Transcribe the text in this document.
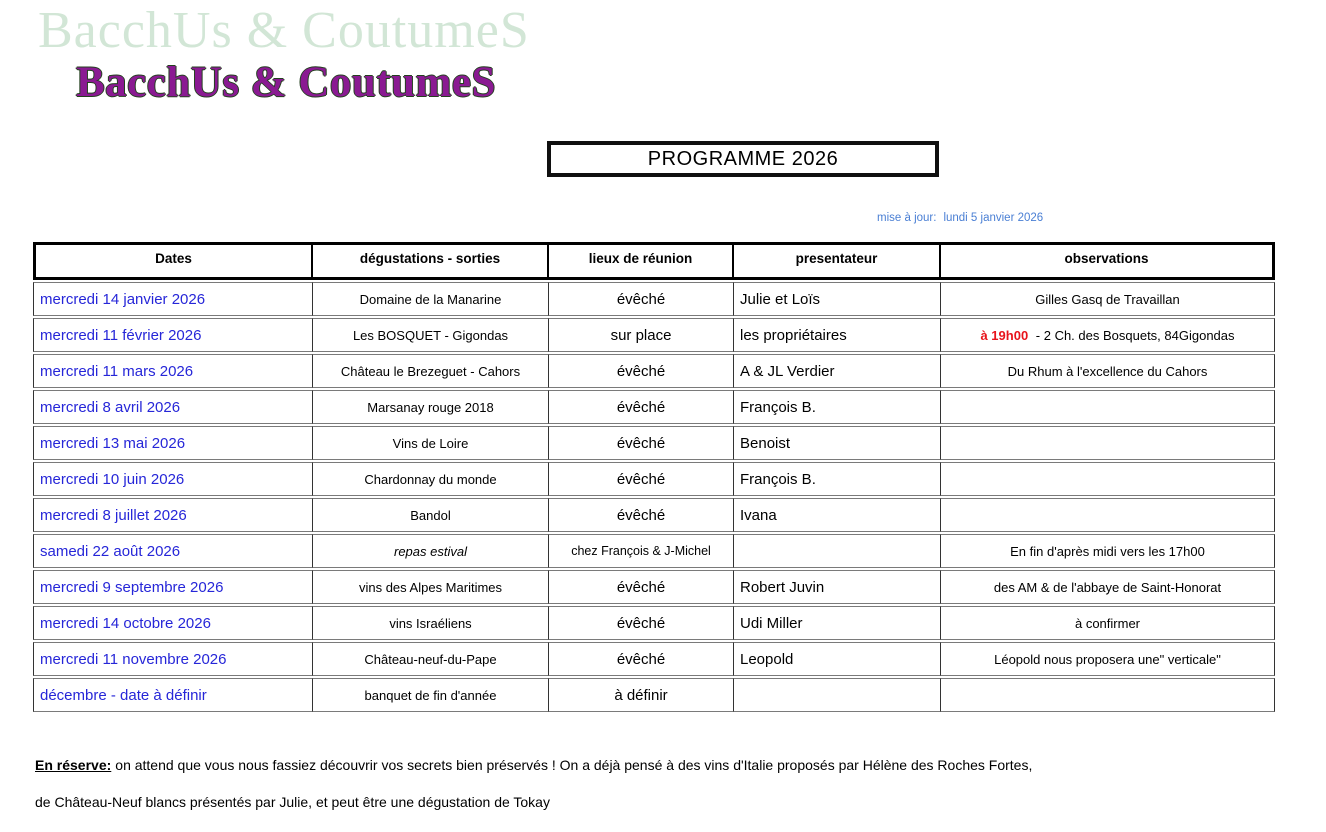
BacchUs & CoutumeS
BacchUs & CoutumeS
PROGRAMME 2026
mise à jour: lundi 5 janvier 2026
Dates	dégustations - sorties	lieux de réunion	presentateur	observations
mercredi 14 janvier 2026	Domaine de la Manarine	évêché	Julie et Loïs	Gilles Gasq de Travaillan
mercredi 11 février 2026	Les BOSQUET - Gigondas	sur place	les propriétaires	à 19h00 - 2 Ch. des Bosquets, 84Gigondas
mercredi 11 mars 2026	Château le Brezeguet - Cahors	évêché	A & JL Verdier	Du Rhum à l'excellence du Cahors
mercredi 8 avril 2026	Marsanay rouge 2018	évêché	François B.	
mercredi 13 mai 2026	Vins de Loire	évêché	Benoist	
mercredi 10 juin 2026	Chardonnay du monde	évêché	François B.	
mercredi 8 juillet 2026	Bandol	évêché	Ivana	
samedi 22 août 2026	repas estival	chez François & J-Michel		En fin d'après midi vers les 17h00
mercredi 9 septembre 2026	vins des Alpes Maritimes	évêché	Robert Juvin	des AM & de l'abbaye de Saint-Honorat
mercredi 14 octobre 2026	vins Israéliens	évêché	Udi Miller	à confirmer
mercredi 11 novembre 2026	Château-neuf-du-Pape	évêché	Leopold	Léopold nous proposera une" verticale"
décembre - date à définir	banquet de fin d'année	à définir		
En réserve: on attend que vous nous fassiez découvrir vos secrets bien préservés ! On a déjà pensé à des vins d'Italie proposés par Hélène des Roches Fortes,
de Château-Neuf blancs présentés par Julie, et peut être une dégustation de Tokay
